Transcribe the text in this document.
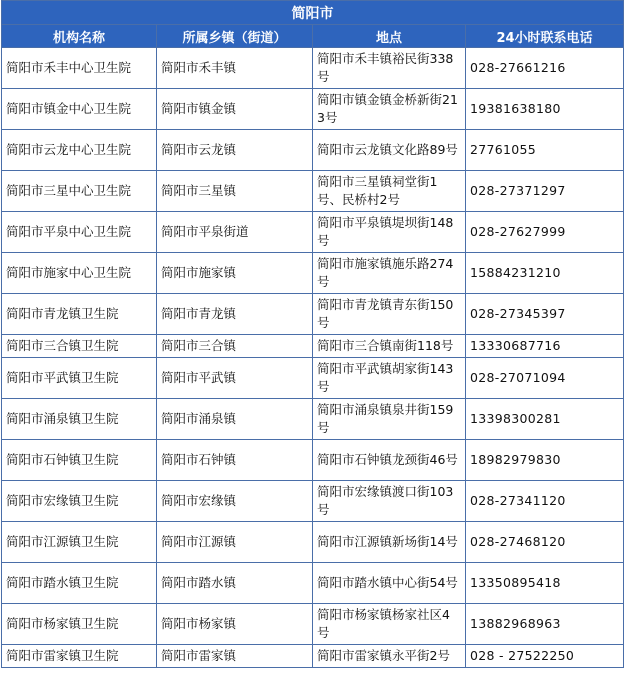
简阳市			
机构名称	所属乡镇（街道）	地点	24小时联系电话
简阳市禾丰中心卫生院	简阳市禾丰镇	简阳市禾丰镇裕民街338号	028-27661216
简阳市镇金中心卫生院	简阳市镇金镇	简阳市镇金镇金桥新街213号	19381638180
简阳市云龙中心卫生院	简阳市云龙镇	简阳市云龙镇文化路89号	27761055
简阳市三星中心卫生院	简阳市三星镇	简阳市三星镇祠堂街1号、民桥村2号	028-27371297
简阳市平泉中心卫生院	简阳市平泉街道	简阳市平泉镇堤坝街148号	028-27627999
简阳市施家中心卫生院	简阳市施家镇	简阳市施家镇施乐路274号	15884231210
简阳市青龙镇卫生院	简阳市青龙镇	简阳市青龙镇青东街150号	028-27345397
简阳市三合镇卫生院	简阳市三合镇	简阳市三合镇南街118号	13330687716
简阳市平武镇卫生院	简阳市平武镇	简阳市平武镇胡家街143号	028-27071094
简阳市涌泉镇卫生院	简阳市涌泉镇	简阳市涌泉镇泉井街159号	13398300281
简阳市石钟镇卫生院	简阳市石钟镇	简阳市石钟镇龙颈街46号	18982979830
简阳市宏缘镇卫生院	简阳市宏缘镇	简阳市宏缘镇渡口街103号	028-27341120
简阳市江源镇卫生院	简阳市江源镇	简阳市江源镇新场街14号	028-27468120
简阳市踏水镇卫生院	简阳市踏水镇	简阳市踏水镇中心街54号	13350895418
简阳市杨家镇卫生院	简阳市杨家镇	简阳市杨家镇杨家社区4号	13882968963
简阳市雷家镇卫生院	简阳市雷家镇	简阳市雷家镇永平街2号	028 - 27522250
